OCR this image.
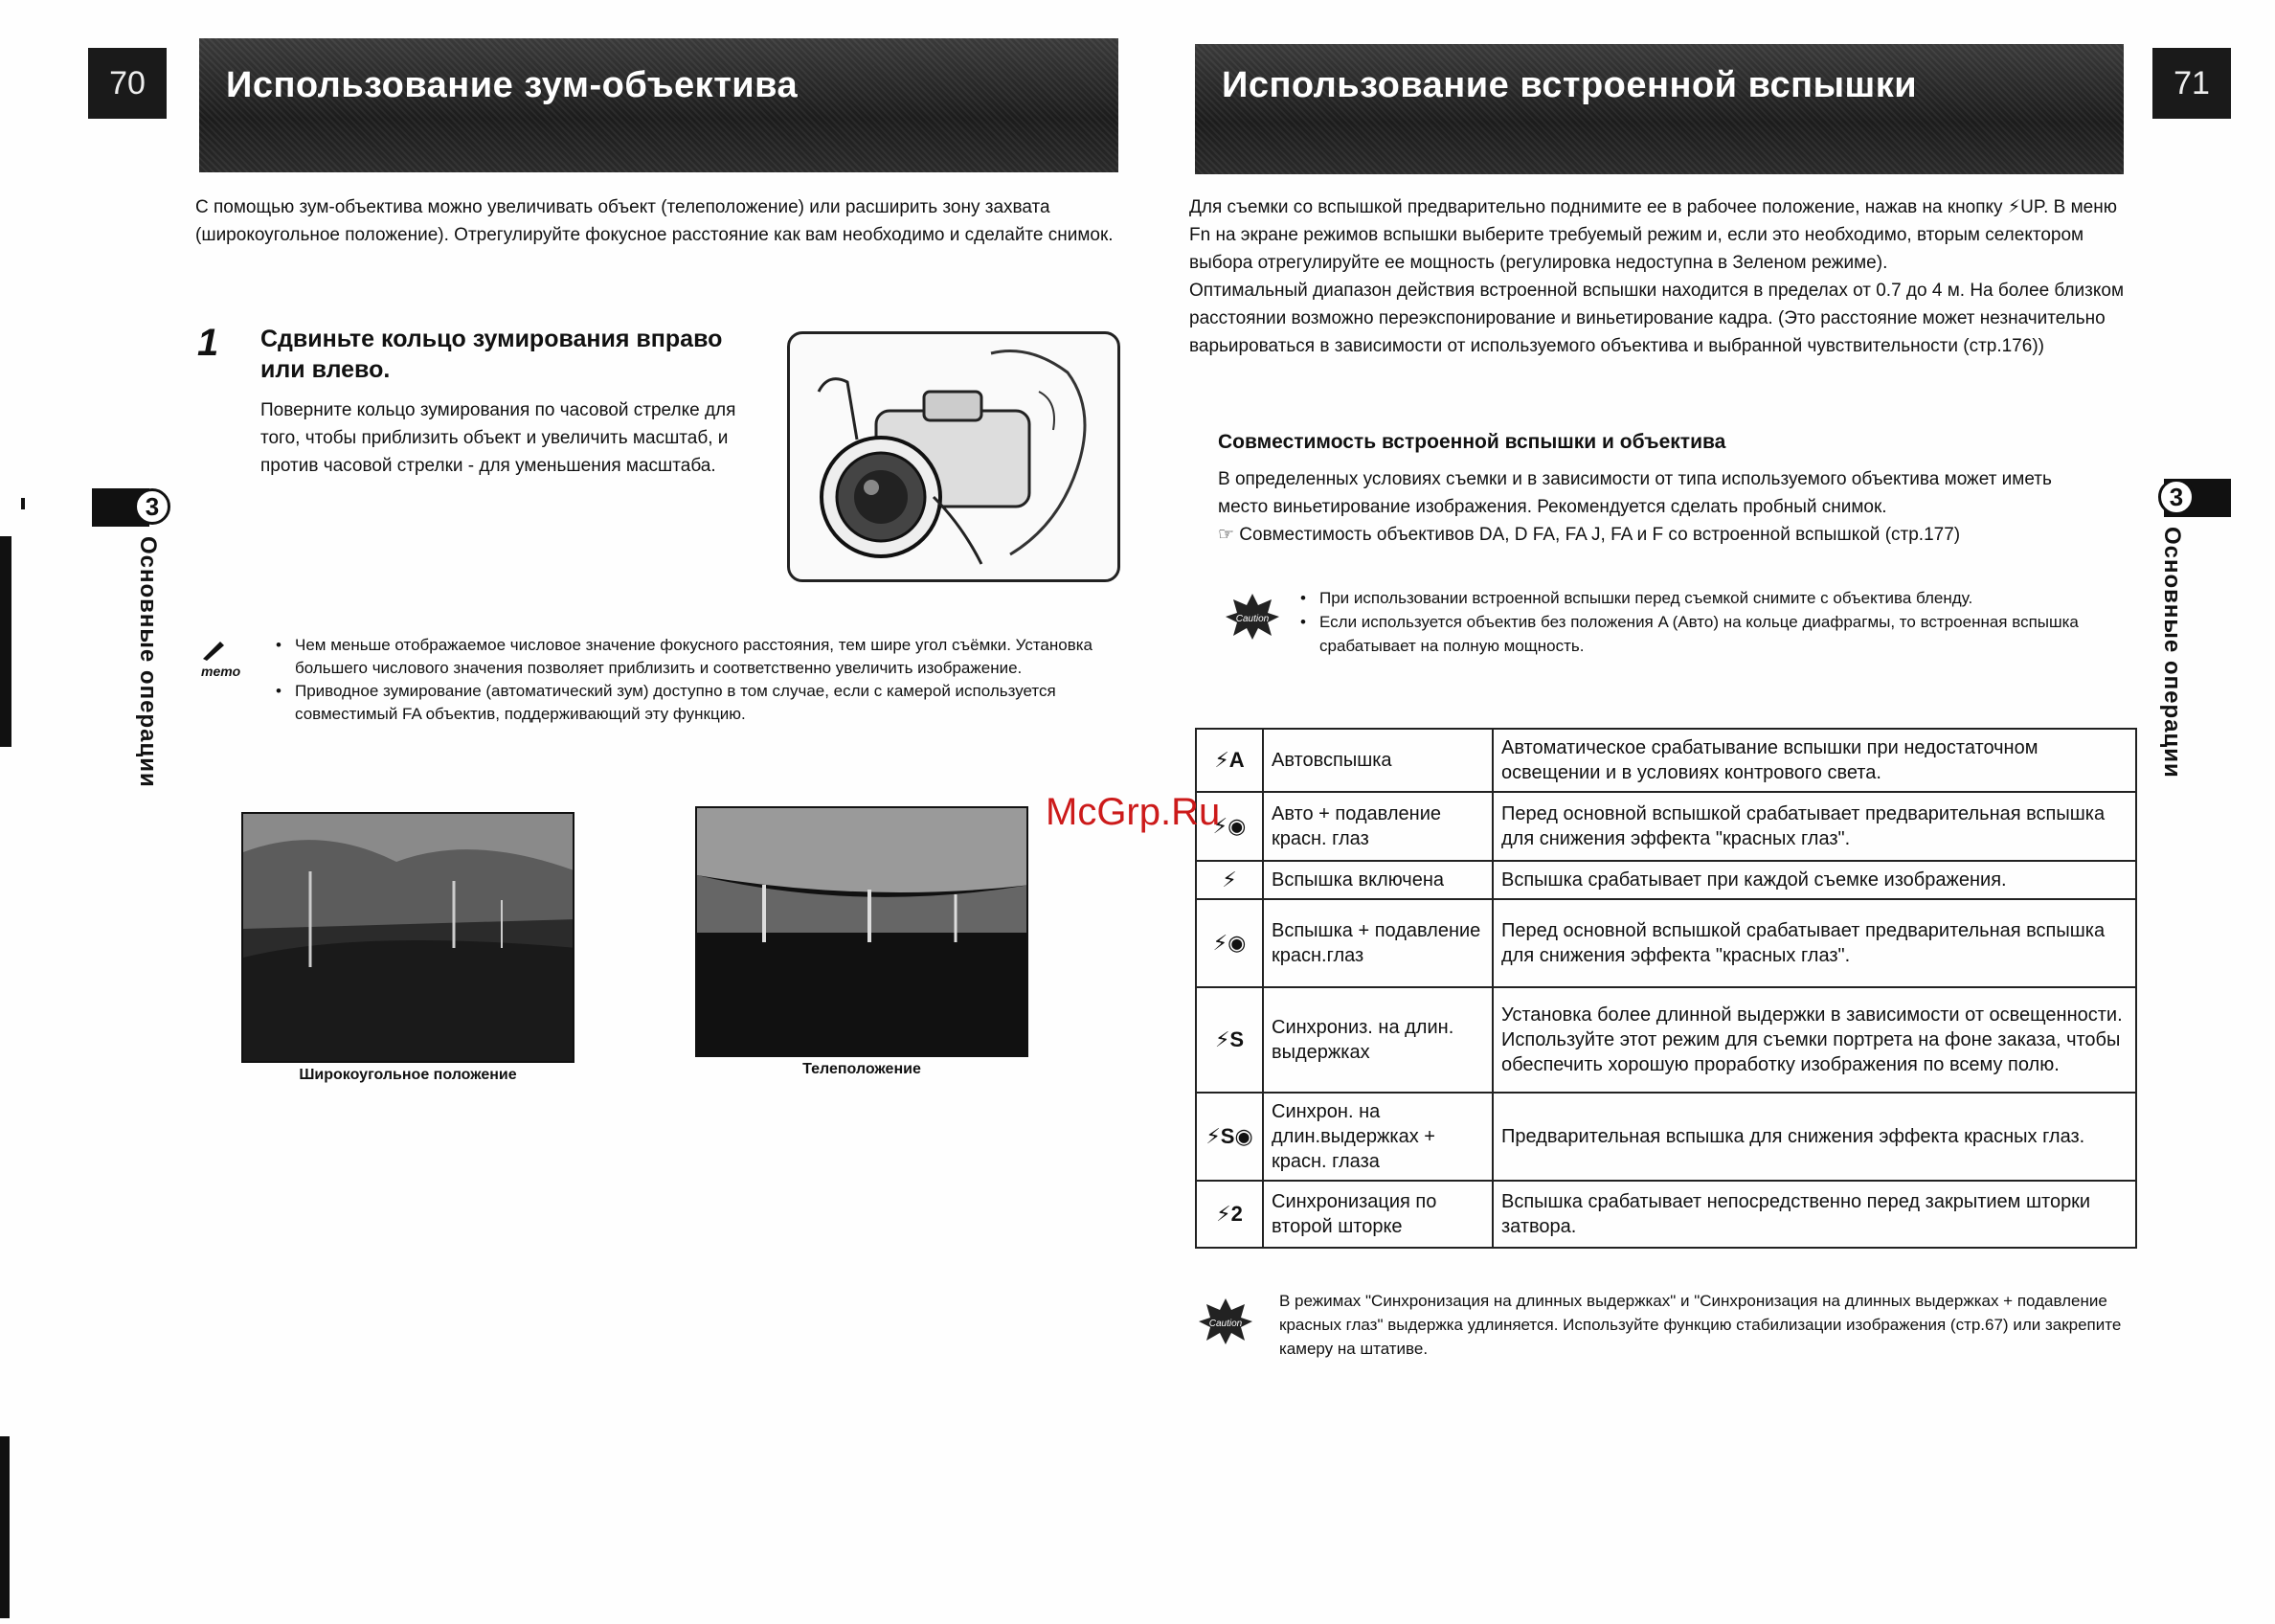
70	Использование зум-объектива
С помощью зум-объектива можно увеличивать объект (телеположение) или расширить зону захвата (широкоугольное положение). Отрегулируйте фокусное расстояние как вам необходимо и сделайте снимок.
1 Сдвиньте кольцо зумирования вправо или влево.
Поверните кольцо зумирования по часовой стрелке для того, чтобы приблизить объект и увеличить масштаб, и против часовой стрелки - для уменьшения масштаба.
memo
• Чем меньше отображаемое числовое значение фокусного расстояния, тем шире угол съёмки. Установка большего числового значения позволяет приблизить и соответственно увеличить изображение.
• Приводное зумирование (автоматический зум) доступно в том случае, если с камерой используется совместимый FA объектив, поддерживающий эту функцию.
Широкоугольное положение	Телеположение
3
Основные операции
Использование встроенной вспышки	71
Для съемки со вспышкой предварительно поднимите ее в рабочее положение, нажав на кнопку ⚡UP. В меню Fn на экране режимов вспышки выберите требуемый режим и, если это необходимо, вторым селектором выбора отрегулируйте ее мощность (регулировка недоступна в Зеленом режиме).
Оптимальный диапазон действия встроенной вспышки находится в пределах от 0.7 до 4 м. На более близком расстоянии возможно переэкспонирование и виньетирование кадра. (Это расстояние может незначительно варьироваться в зависимости от используемого объектива и выбранной чувствительности (стр.176))
Совместимость встроенной вспышки и объектива
В определенных условиях съемки и в зависимости от типа используемого объектива может иметь место виньетирование изображения. Рекомендуется сделать пробный снимок.
☞ Совместимость объективов DA, D FA, FA J, FA и F со встроенной вспышкой (стр.177)
Caution
• При использовании встроенной вспышки перед съемкой снимите с объектива бленду.
• Если используется объектив без положения A (Авто) на кольце диафрагмы, то встроенная вспышка срабатывает на полную мощность.
⚡A	Автовспышка	Автоматическое срабатывание вспышки при недостаточном освещении и в условиях контрового света.
⚡◉	Авто + подавление красн. глаз	Перед основной вспышкой срабатывает предварительная вспышка для снижения эффекта "красных глаз".
⚡	Вспышка включена	Вспышка срабатывает при каждой съемке изображения.
⚡◉	Вспышка + подавление красн.глаз	Перед основной вспышкой срабатывает предварительная вспышка для снижения эффекта "красных глаз".
⚡S	Синхрониз. на длин. выдержках	Установка более длинной выдержки в зависимости от освещенности. Используйте этот режим для съемки портрета на фоне заказа, чтобы обеспечить хорошую проработку изображения по всему полю.
⚡S◉	Синхрон. на длин.выдержках + красн. глаза	Предварительная вспышка для снижения эффекта красных глаз.
⚡2	Синхронизация по второй шторке	Вспышка срабатывает непосредственно перед закрытием шторки затвора.
McGrp.Ru
Caution
В режимах "Синхронизация на длинных выдержках" и "Синхронизация на длинных выдержках + подавление красных глаз" выдержка удлиняется. Используйте функцию стабилизации изображения (стр.67) или закрепите камеру на штативе.
3
Основные операции
